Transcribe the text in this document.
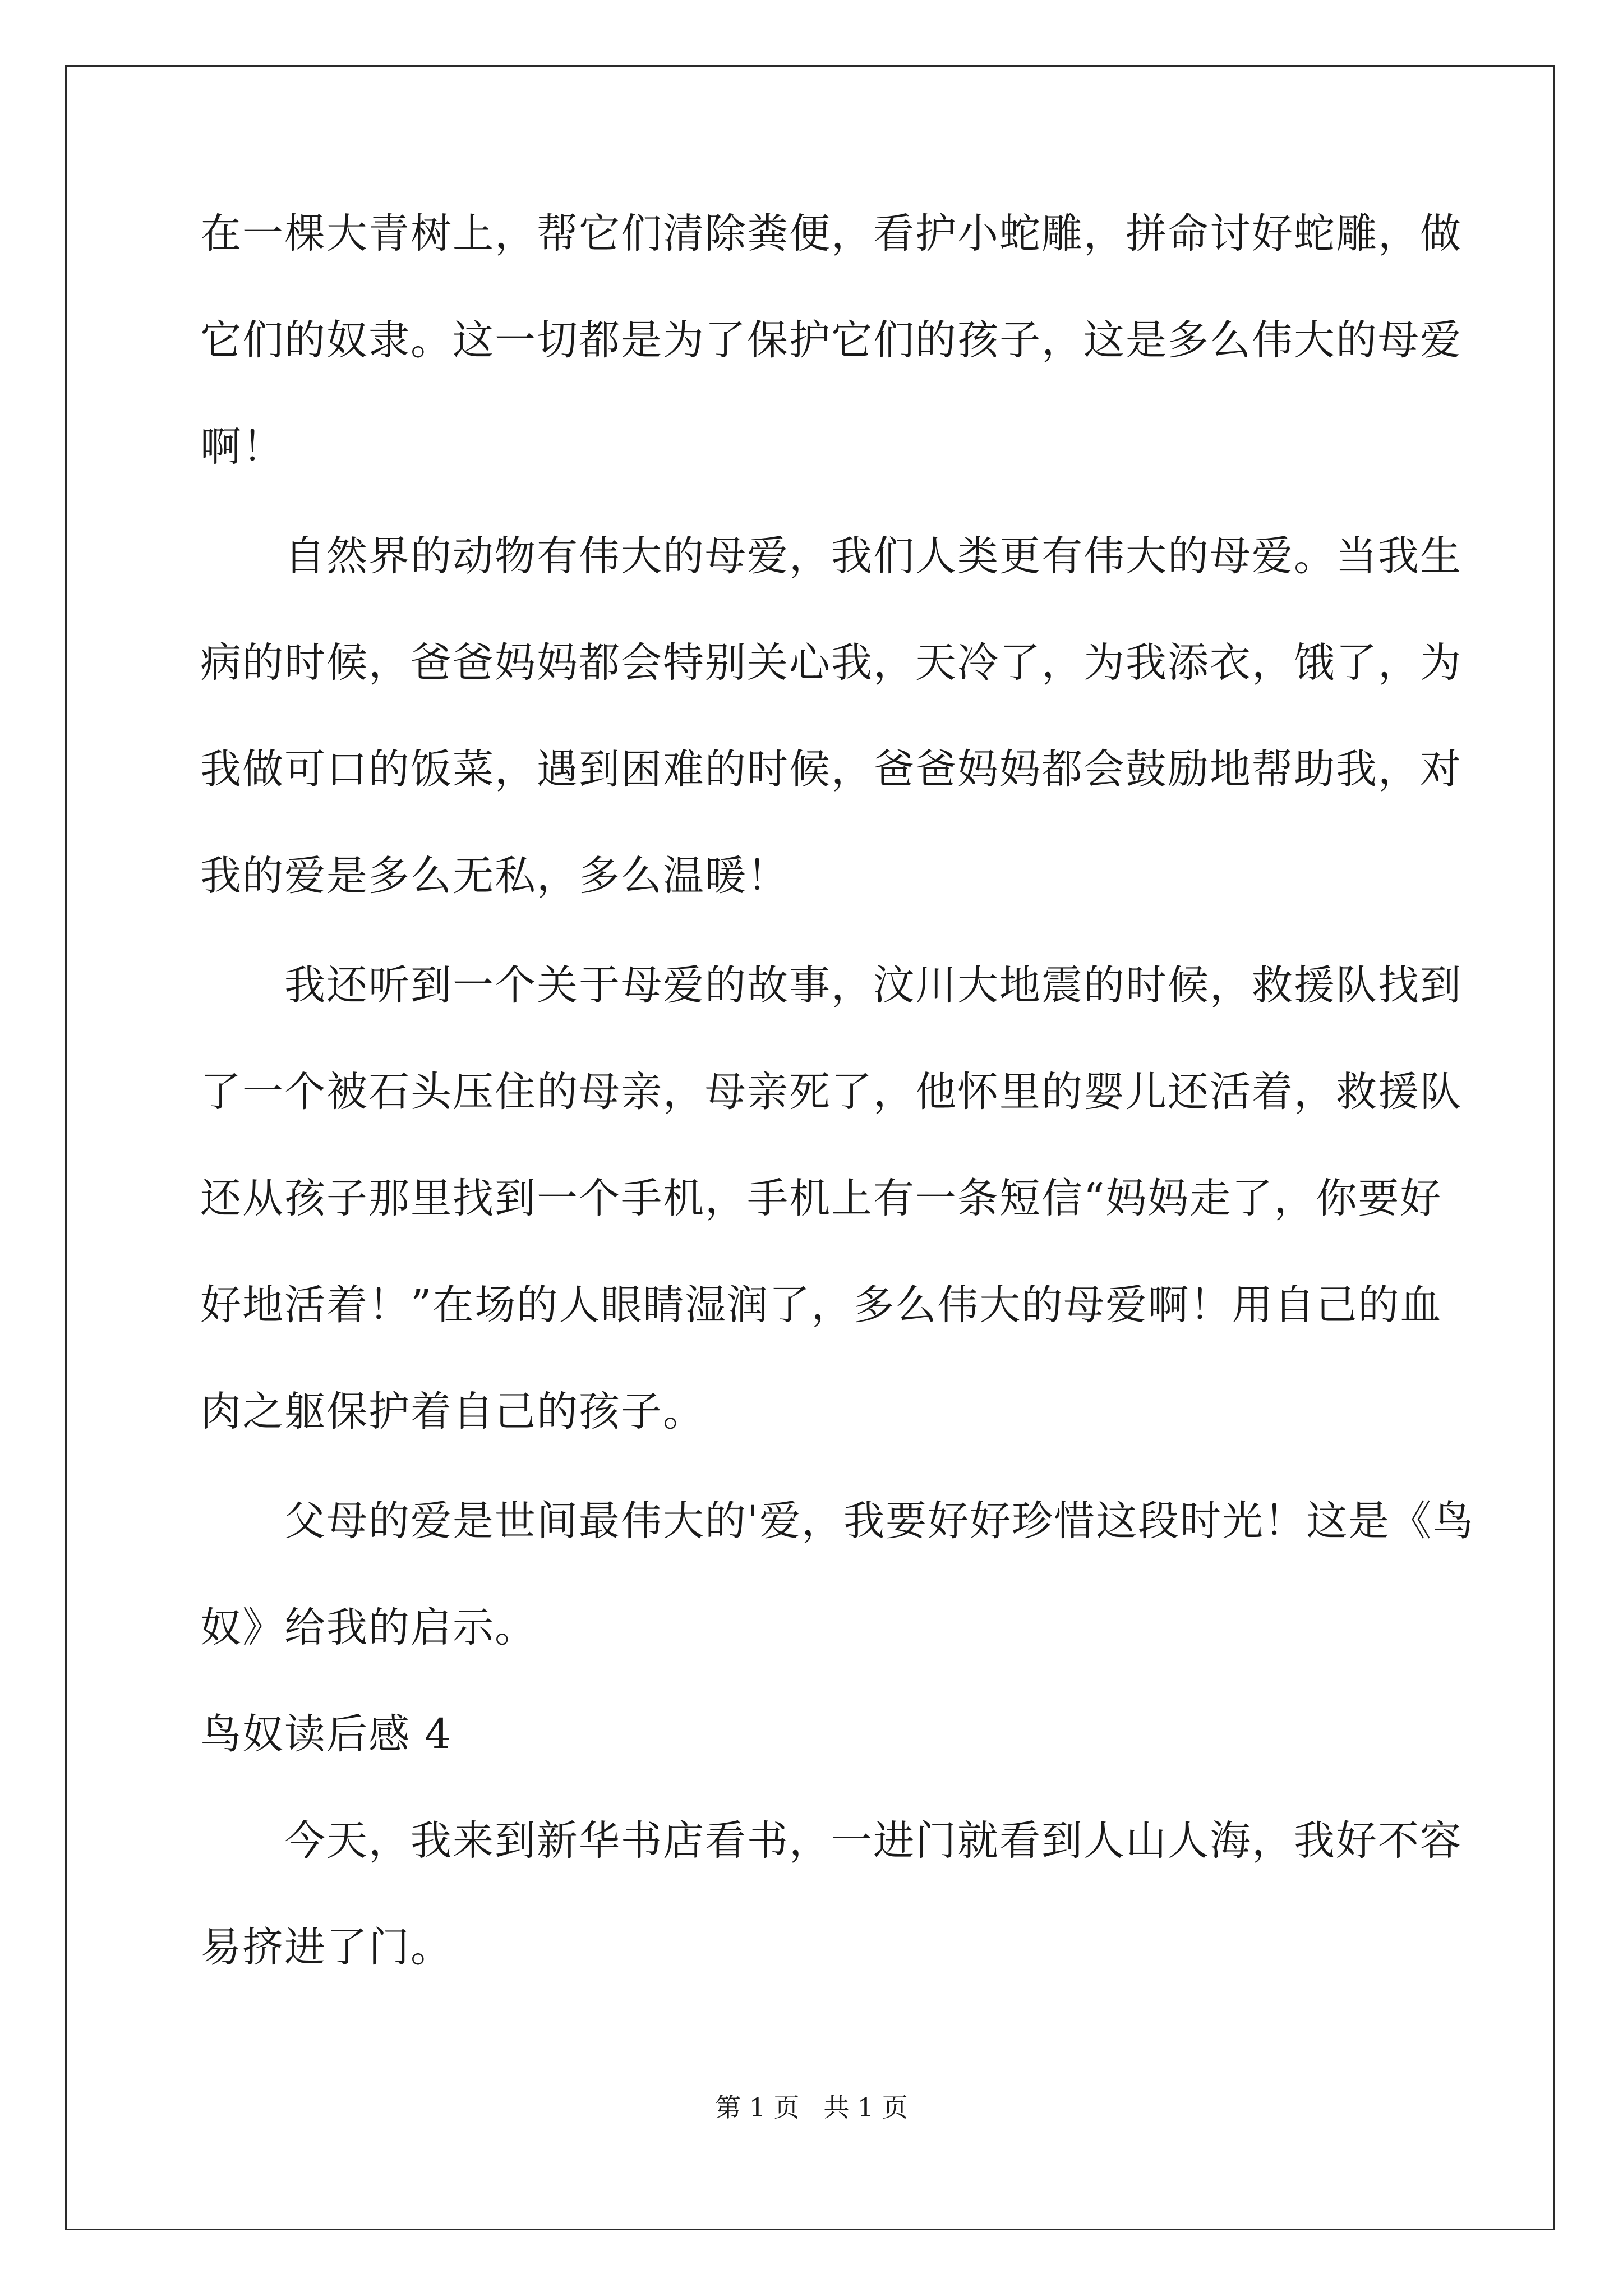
在一棵大青树上，帮它们清除粪便，看护小蛇雕，拼命讨好蛇雕，做
它们的奴隶。这一切都是为了保护它们的孩子，这是多么伟大的母爱
啊！
　　自然界的动物有伟大的母爱，我们人类更有伟大的母爱。当我生
病的时候，爸爸妈妈都会特别关心我，天冷了，为我添衣，饿了，为
我做可口的饭菜，遇到困难的时候，爸爸妈妈都会鼓励地帮助我，对
我的爱是多么无私，多么温暖！
　　我还听到一个关于母爱的故事，汶川大地震的时候，救援队找到
了一个被石头压住的母亲，母亲死了，他怀里的婴儿还活着，救援队
还从孩子那里找到一个手机，手机上有一条短信“妈妈走了，你要好
好地活着！”在场的人眼睛湿润了，多么伟大的母爱啊！用自己的血
肉之躯保护着自己的孩子。
　　父母的爱是世间最伟大的'爱，我要好好珍惜这段时光！这是《鸟
奴》给我的启示。
鸟奴读后感 4
　　今天，我来到新华书店看书，一进门就看到人山人海，我好不容
易挤进了门。
第 1 页 共 1 页
